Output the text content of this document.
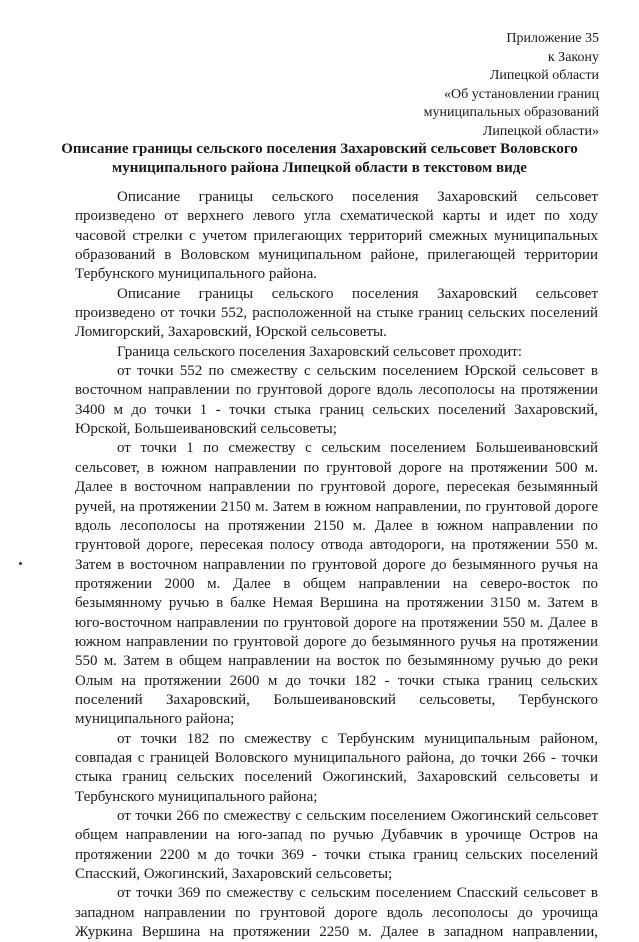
Приложение 35
к Закону
Липецкой области
«Об установлении границ
муниципальных образований
Липецкой области»
Описание границы сельского поселения Захаровский сельсовет Воловского
муниципального района Липецкой области в текстовом виде
Описание границы сельского поселения Захаровский сельсовет
произведено от верхнего левого угла схематической карты и идет по ходу
часовой стрелки с учетом прилегающих территорий смежных муниципальных
образований в Воловском муниципальном районе, прилегающей территории
Тербунского муниципального района.
Описание границы сельского поселения Захаровский сельсовет
произведено от точки 552, расположенной на стыке границ сельских поселений
Ломигорский, Захаровский, Юрской сельсоветы.
Граница сельского поселения Захаровский сельсовет проходит:
от точки 552 по смежеству с сельским поселением Юрской сельсовет в
восточном направлении по грунтовой дороге вдоль лесополосы на протяжении
3400 м до точки 1 - точки стыка границ сельских поселений Захаровский,
Юрской, Большеивановский сельсоветы;
от точки 1 по смежеству с сельским поселением Большеивановский
сельсовет, в южном направлении по грунтовой дороге на протяжении 500 м.
Далее в восточном направлении по грунтовой дороге, пересекая безымянный
ручей, на протяжении 2150 м. Затем в южном направлении, по грунтовой дороге
вдоль лесополосы на протяжении 2150 м. Далее в южном направлении по
грунтовой дороге, пересекая полосу отвода автодороги, на протяжении 550 м.
Затем в восточном направлении по грунтовой дороге до безымянного ручья на
протяжении 2000 м. Далее в общем направлении на северо-восток по
безымянному ручью в балке Немая Вершина на протяжении 3150 м. Затем в
юго-восточном направлении по грунтовой дороге на протяжении 550 м. Далее в
южном направлении по грунтовой дороге до безымянного ручья на протяжении
550 м. Затем в общем направлении на восток по безымянному ручью до реки
Олым на протяжении 2600 м до точки 182 - точки стыка границ сельских
поселений Захаровский, Большеивановский сельсоветы, Тербунского
муниципального района;
от точки 182 по смежеству с Тербунским муниципальным районом,
совпадая с границей Воловского муниципального района, до точки 266 - точки
стыка границ сельских поселений Ожогинский, Захаровский сельсоветы и
Тербунского муниципального района;
от точки 266 по смежеству с сельским поселением Ожогинский сельсовет
общем направлении на юго-запад по ручью Дубавчик в урочище Остров на
протяжении 2200 м до точки 369 - точки стыка границ сельских поселений
Спасский, Ожогинский, Захаровский сельсоветы;
от точки 369 по смежеству с сельским поселением Спасский сельсовет в
западном направлении по грунтовой дороге вдоль лесополосы до урочища
Журкина Вершина на протяжении 2250 м. Далее в западном направлении,
